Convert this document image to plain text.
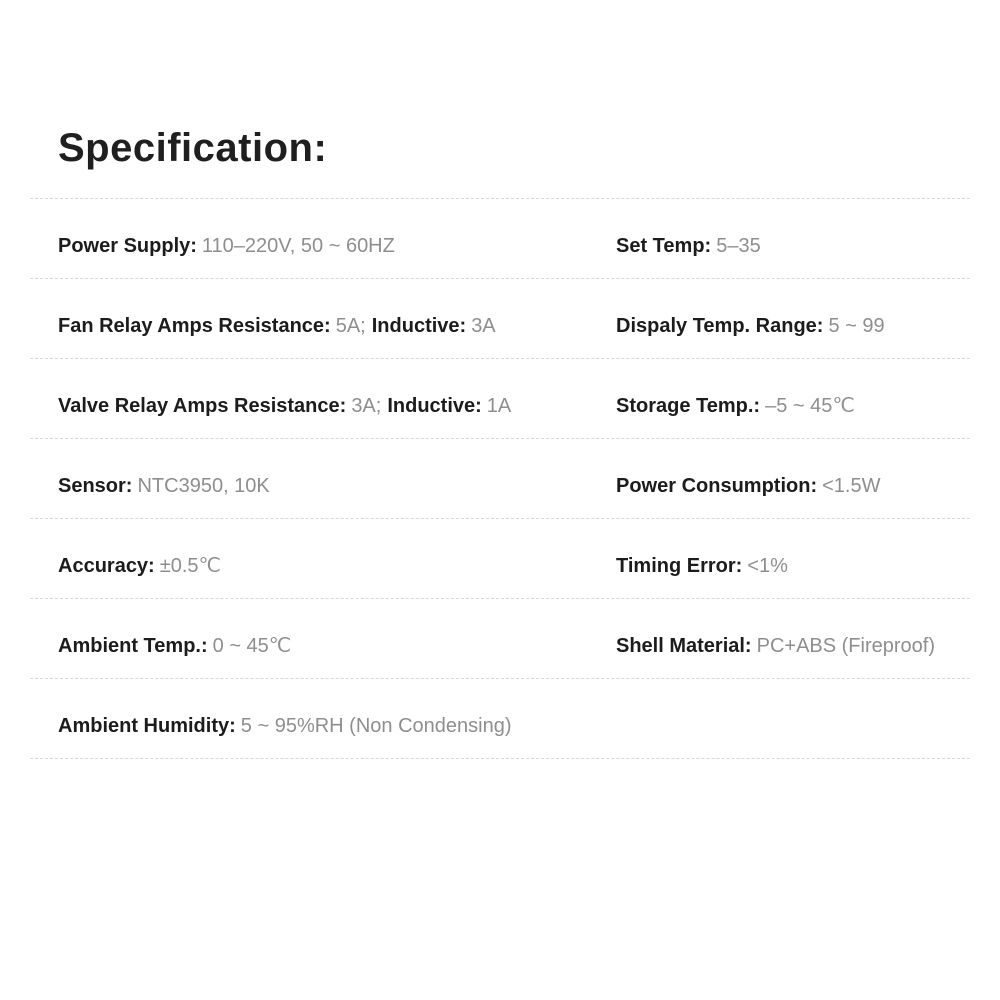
Specification:
Power Supply: 110–220V, 50 ~ 60HZ	Set Temp: 5–35
Fan Relay Amps Resistance: 5A; Inductive: 3A	Dispaly Temp. Range: 5 ~ 99
Valve Relay Amps Resistance: 3A; Inductive: 1A	Storage Temp.: –5 ~ 45℃
Sensor: NTC3950, 10K	Power Consumption: <1.5W
Accuracy: ±0.5℃	Timing Error: <1%
Ambient Temp.: 0 ~ 45℃	Shell Material: PC+ABS (Fireproof)
Ambient Humidity: 5 ~ 95%RH (Non Condensing)
